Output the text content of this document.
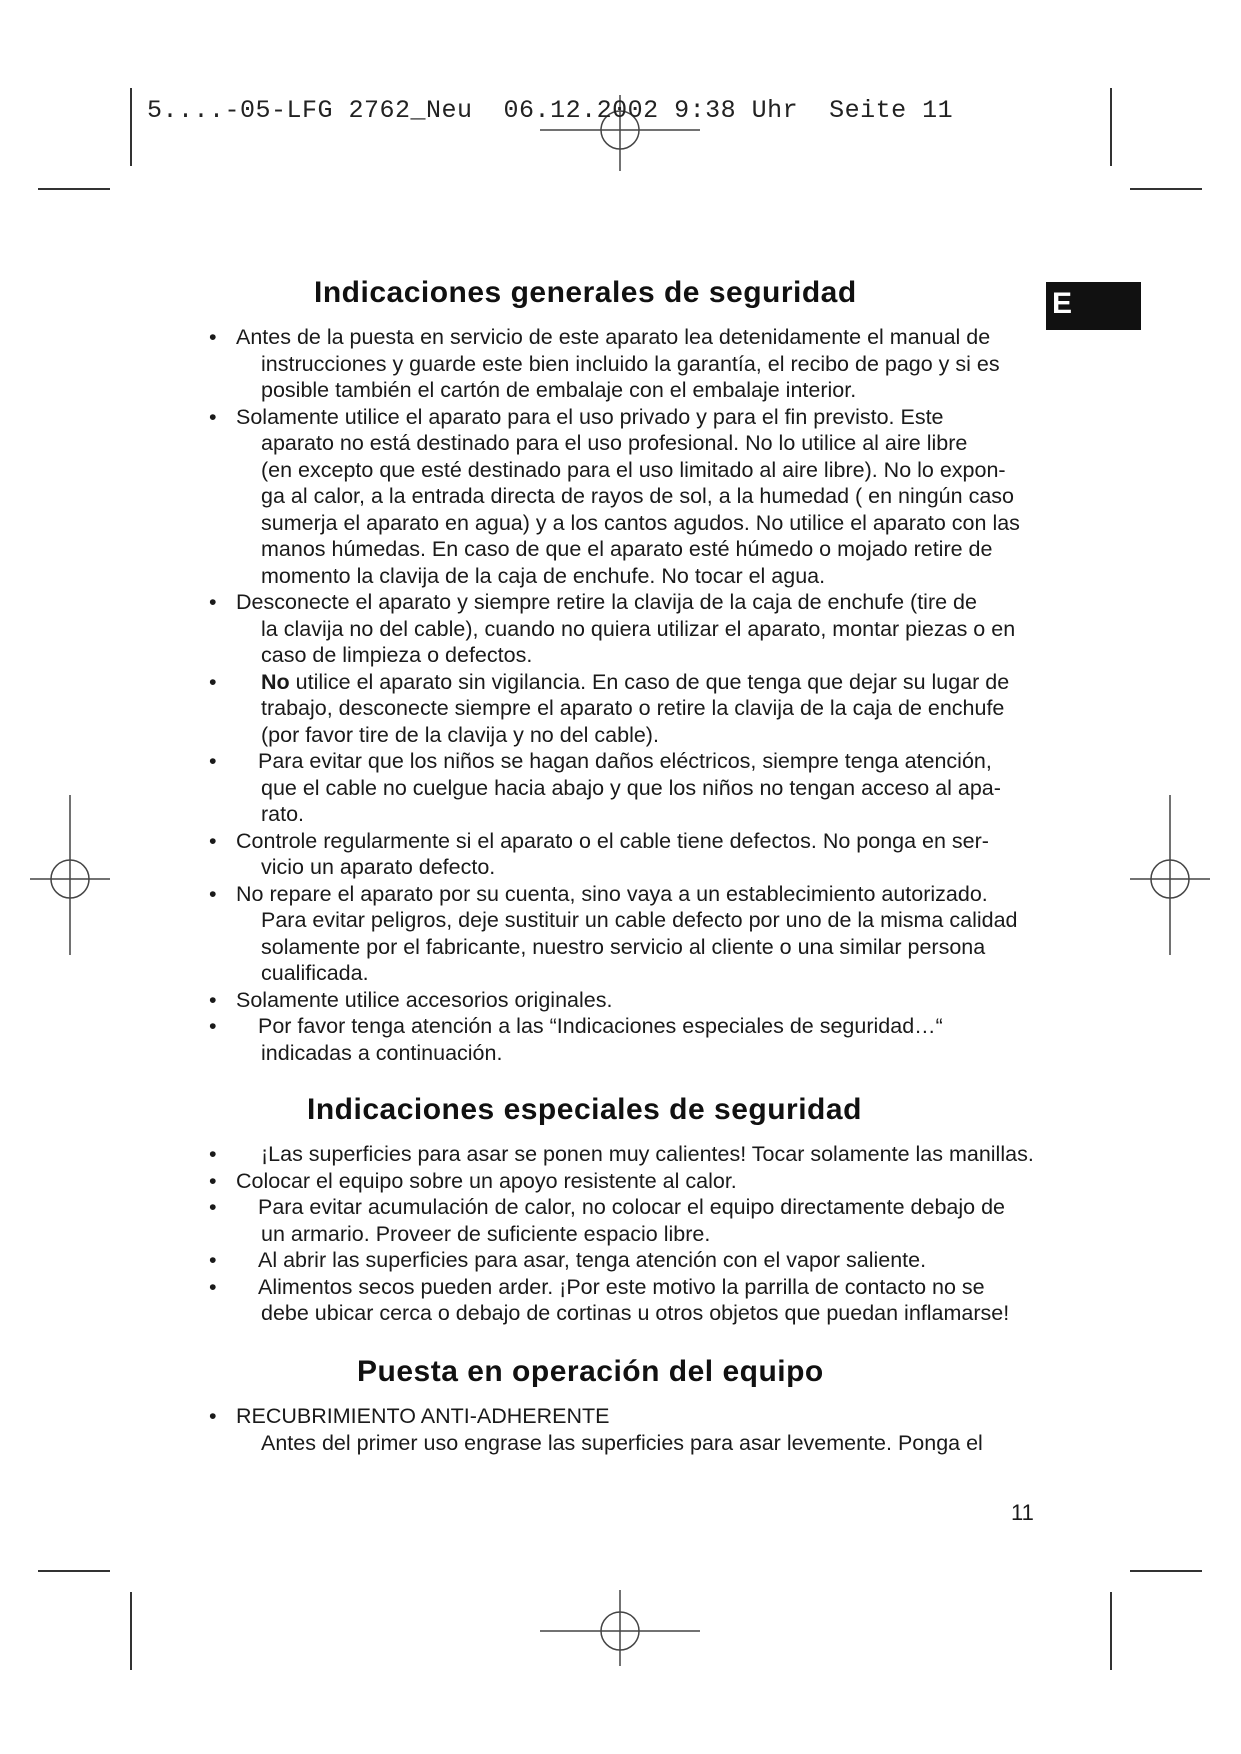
5....-05-LFG 2762_Neu  06.12.2002 9:38 Uhr  Seite 11
E
Indicaciones generales de seguridad
• Antes de la puesta en servicio de este aparato lea detenidamente el manual de
instrucciones y guarde este bien incluido la garantía, el recibo de pago y si es
posible también el cartón de embalaje con el embalaje interior.
• Solamente utilice el aparato para el uso privado y para el fin previsto. Este
aparato no está destinado para el uso profesional. No lo utilice al aire libre
(en excepto que esté destinado para el uso limitado al aire libre). No lo expon-
ga al calor, a la entrada directa de rayos de sol, a la humedad ( en ningún caso
sumerja el aparato en agua) y a los cantos agudos. No utilice el aparato con las
manos húmedas. En caso de que el aparato esté húmedo o mojado retire de
momento la clavija de la caja de enchufe. No tocar el agua.
• Desconecte el aparato y siempre retire la clavija de la caja de enchufe (tire de
la clavija no del cable), cuando no quiera utilizar el aparato, montar piezas o en
caso de limpieza o defectos.
•	No utilice el aparato sin vigilancia. En caso de que tenga que dejar su lugar de
trabajo, desconecte siempre el aparato o retire la clavija de la caja de enchufe
(por favor tire de la clavija y no del cable).
•	Para evitar que los niños se hagan daños eléctricos, siempre tenga atención,
que el cable no cuelgue hacia abajo y que los niños no tengan acceso al apa-
rato.
• Controle regularmente si el aparato o el cable tiene defectos. No ponga en ser-
vicio un aparato defecto.
• No repare el aparato por su cuenta, sino vaya a un establecimiento autorizado.
Para evitar peligros, deje sustituir un cable defecto por uno de la misma calidad
solamente por el fabricante, nuestro servicio al cliente o una similar persona
cualificada.
• Solamente utilice accesorios originales.
•	Por favor tenga atención a las “Indicaciones especiales de seguridad…“
indicadas a continuación.
Indicaciones especiales de seguridad
•	¡Las superficies para asar se ponen muy calientes! Tocar solamente las manillas.
• Colocar el equipo sobre un apoyo resistente al calor.
•	Para evitar acumulación de calor, no colocar el equipo directamente debajo de
un armario. Proveer de suficiente espacio libre.
•	Al abrir las superficies para asar, tenga atención con el vapor saliente.
•	Alimentos secos pueden arder. ¡Por este motivo la parrilla de contacto no se
debe ubicar cerca o debajo de cortinas u otros objetos que puedan inflamarse!
Puesta en operación del equipo
• RECUBRIMIENTO ANTI-ADHERENTE
Antes del primer uso engrase las superficies para asar levemente. Ponga el
11
